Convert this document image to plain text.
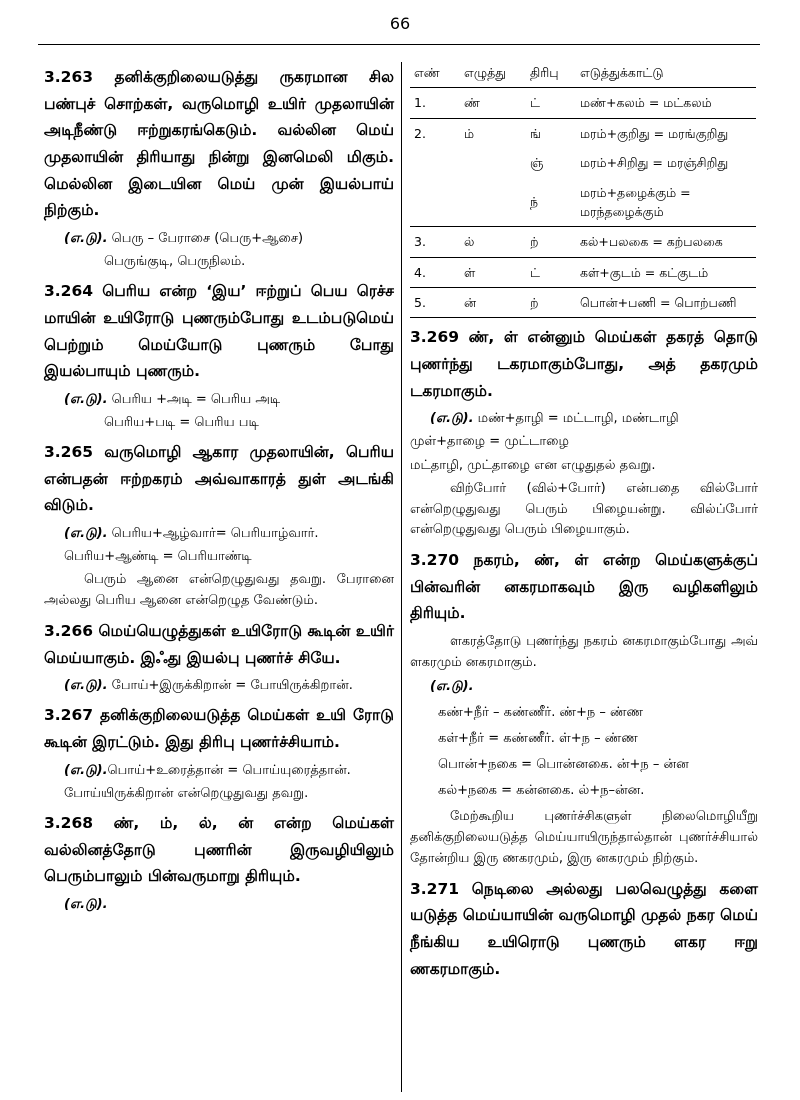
66
3.263 தனிக்குறிலையடுத்து ருகரமான சில பண்புச் சொற்கள், வருமொழி உயிர் முதலாயின் அடிநீண்டு ஈற்றுகரங்கெடும். வல்லின மெய் முதலாயின் திரியாது நின்று இனமெலி மிகும். மெல்லின இடையின மெய் முன் இயல்பாய் நிற்கும்.
(எ.டு). பெரு – பேராசை (பெரு+ஆசை)
பெருங்குடி, பெருநிலம்.
3.264 பெரிய என்ற ‘இய’ ஈற்றுப் பெய ரெச்ச மாயின் உயிரோடு புணரும்போது உடம்படுமெய் பெற்றும் மெய்யோடு புணரும் போது இயல்பாயும் புணரும்.
(எ.டு). பெரிய +அடி = பெரிய அடி
பெரிய+படி = பெரிய படி
3.265 வருமொழி ஆகார முதலாயின், பெரிய என்பதன் ஈற்றகரம் அவ்வாகாரத் துள் அடங்கி விடும்.
(எ.டு). பெரிய+ஆழ்வார்= பெரியாழ்வார்.
பெரிய+ஆண்டி = பெரியாண்டி
பெரும் ஆனை என்றெழுதுவது தவறு. பேரானை அல்லது பெரிய ஆனை என்றெழுத வேண்டும்.
3.266 மெய்யெழுத்துகள் உயிரோடு கூடின் உயிர் மெய்யாகும். இஃது இயல்பு புணர்ச் சியே.
(எ.டு). போய்+இருக்கிறான் = போயிருக்கிறான்.
3.267 தனிக்குறிலையடுத்த மெய்கள் உயி ரோடு கூடின் இரட்டும். இது திரிபு புணர்ச்சியாம்.
(எ.டு).பொய்+உரைத்தான் = பொய்யுரைத்தான்.
போய்யிருக்கிறான் என்றெழுதுவது தவறு.
3.268 ண், ம், ல், ன் என்ற மெய்கள் வல்லினத்தோடு புணரின் இருவழியிலும் பெரும்பாலும் பின்வருமாறு திரியும்.
(எ.டு).
எண்	எழுத்து	திரிபு	எடுத்துக்காட்டு
1.	ண்	ட்	மண்+கலம் = மட்கலம்
2.	ம்	ங்	மரம்+குறிது = மரங்குறிது
		ஞ்	மரம்+சிறிது = மரஞ்சிறிது
		ந்	மரம்+தழைக்கும் = மரந்தழைக்கும்
3.	ல்	ற்	கல்+பலகை = கற்பலகை
4.	ள்	ட்	கள்+குடம் = கட்குடம்
5.	ன்	ற்	பொன்+பணி = பொற்பணி
3.269 ண், ள் என்னும் மெய்கள் தகரத் தொடு புணர்ந்து டகரமாகும்போது, அத் தகரமும் டகரமாகும்.
(எ.டு). மண்+தாழி = மட்டாழி, மண்டாழி
முள்+தாழை = முட்டாழை
மட்தாழி, முட்தாழை என எழுதுதல் தவறு.
விற்போர் (வில்+போர்) என்பதை வில்போர் என்றெழுதுவது பெரும் பிழையன்று. வில்ப்போர் என்றெழுதுவது பெரும் பிழையாகும்.
3.270 நகரம், ண், ள் என்ற மெய்களுக்குப் பின்வரின் னகரமாகவும் இரு வழிகளிலும் திரியும்.
ளகரத்தோடு புணர்ந்து நகரம் னகரமாகும்போது அவ் ளகரமும் னகரமாகும்.
(எ.டு).
கண்+நீர் – கண்ணீர். ண்+ந – ண்ண
கள்+நீர் = கண்ணீர். ள்+ந – ண்ண
பொன்+நகை = பொன்னகை. ன்+ந – ன்ன
கல்+நகை = கன்னகை. ல்+ந–ன்ன.
மேற்கூறிய புணர்ச்சிகளுள் நிலைமொழியீறு தனிக்குறிலையடுத்த மெய்யாயிருந்தால்தான் புணர்ச்சியால் தோன்றிய இரு ணகரமும், இரு னகரமும் நிற்கும்.
3.271 நெடிலை அல்லது பலவெழுத்து களை யடுத்த மெய்யாயின் வருமொழி முதல் நகர மெய் நீங்கிய உயிரொடு புணரும் ளகர ஈறு ணகரமாகும்.
